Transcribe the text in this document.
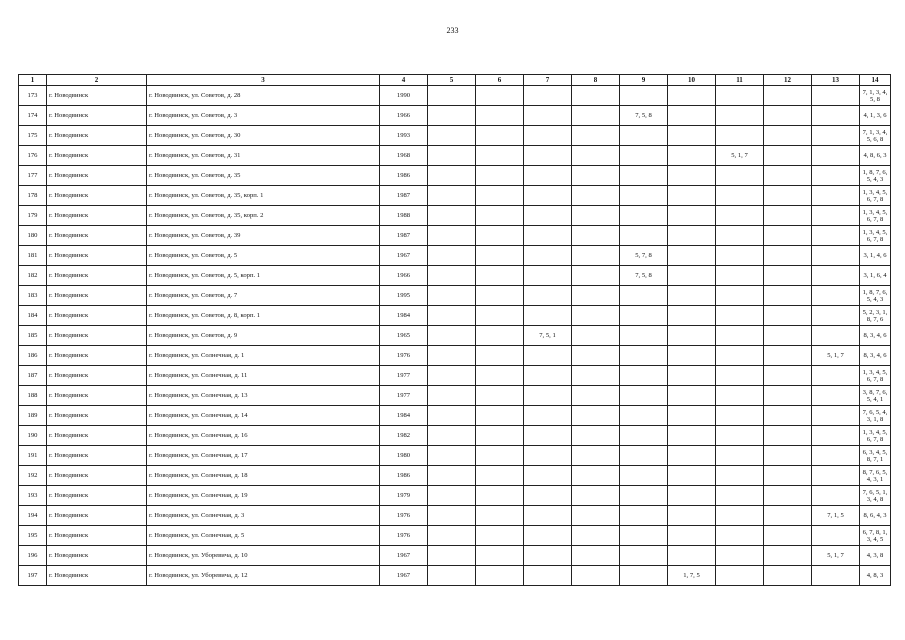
233
1	2	3	4	5	6	7	8	9	10	11	12	13	14
173	г. Новодвинск	г. Новодвинск, ул. Советов, д. 28	1990										7, 1, 3, 4, 5, 8
174	г. Новодвинск	г. Новодвинск, ул. Советов, д. 3	1966					7, 5, 8					4, 1, 3, 6
175	г. Новодвинск	г. Новодвинск, ул. Советов, д. 30	1993										7, 1, 3, 4, 5, 6, 8
176	г. Новодвинск	г. Новодвинск, ул. Советов, д. 31	1968							5, 1, 7			4, 8, 6, 3
177	г. Новодвинск	г. Новодвинск, ул. Советов, д. 35	1986										1, 8, 7, 6, 5, 4, 3
178	г. Новодвинск	г. Новодвинск, ул. Советов, д. 35, корп. 1	1987										1, 3, 4, 5, 6, 7, 8
179	г. Новодвинск	г. Новодвинск, ул. Советов, д. 35, корп. 2	1988										1, 3, 4, 5, 6, 7, 8
180	г. Новодвинск	г. Новодвинск, ул. Советов, д. 39	1987										1, 3, 4, 5, 6, 7, 8
181	г. Новодвинск	г. Новодвинск, ул. Советов, д. 5	1967					5, 7, 8					3, 1, 4, 6
182	г. Новодвинск	г. Новодвинск, ул. Советов, д. 5, корп. 1	1966					7, 5, 8					3, 1, 6, 4
183	г. Новодвинск	г. Новодвинск, ул. Советов, д. 7	1995										1, 8, 7, 6, 5, 4, 3
184	г. Новодвинск	г. Новодвинск, ул. Советов, д. 8, корп. 1	1984										5, 2, 3, 1, 8, 7, 6
185	г. Новодвинск	г. Новодвинск, ул. Советов, д. 9	1965			7, 5, 1							8, 3, 4, 6
186	г. Новодвинск	г. Новодвинск, ул. Солнечная, д. 1	1976									5, 1, 7	8, 3, 4, 6
187	г. Новодвинск	г. Новодвинск, ул. Солнечная, д. 11	1977										1, 3, 4, 5, 6, 7, 8
188	г. Новодвинск	г. Новодвинск, ул. Солнечная, д. 13	1977										3, 8, 7, 6, 5, 4, 1
189	г. Новодвинск	г. Новодвинск, ул. Солнечная, д. 14	1984										7, 6, 5, 4, 3, 1, 8
190	г. Новодвинск	г. Новодвинск, ул. Солнечная, д. 16	1982										1, 3, 4, 5, 6, 7, 8
191	г. Новодвинск	г. Новодвинск, ул. Солнечная, д. 17	1980										6, 3, 4, 5, 8, 7, 1
192	г. Новодвинск	г. Новодвинск, ул. Солнечная, д. 18	1986										8, 7, 6, 5, 4, 3, 1
193	г. Новодвинск	г. Новодвинск, ул. Солнечная, д. 19	1979										7, 6, 5, 1, 3, 4, 8
194	г. Новодвинск	г. Новодвинск, ул. Солнечная, д. 3	1976									7, 1, 5	8, 6, 4, 3
195	г. Новодвинск	г. Новодвинск, ул. Солнечная, д. 5	1976										6, 7, 8, 1, 3, 4, 5
196	г. Новодвинск	г. Новодвинск, ул. Уборевича, д. 10	1967									5, 1, 7	4, 3, 8
197	г. Новодвинск	г. Новодвинск, ул. Уборевича, д. 12	1967						1, 7, 5				4, 8, 3
